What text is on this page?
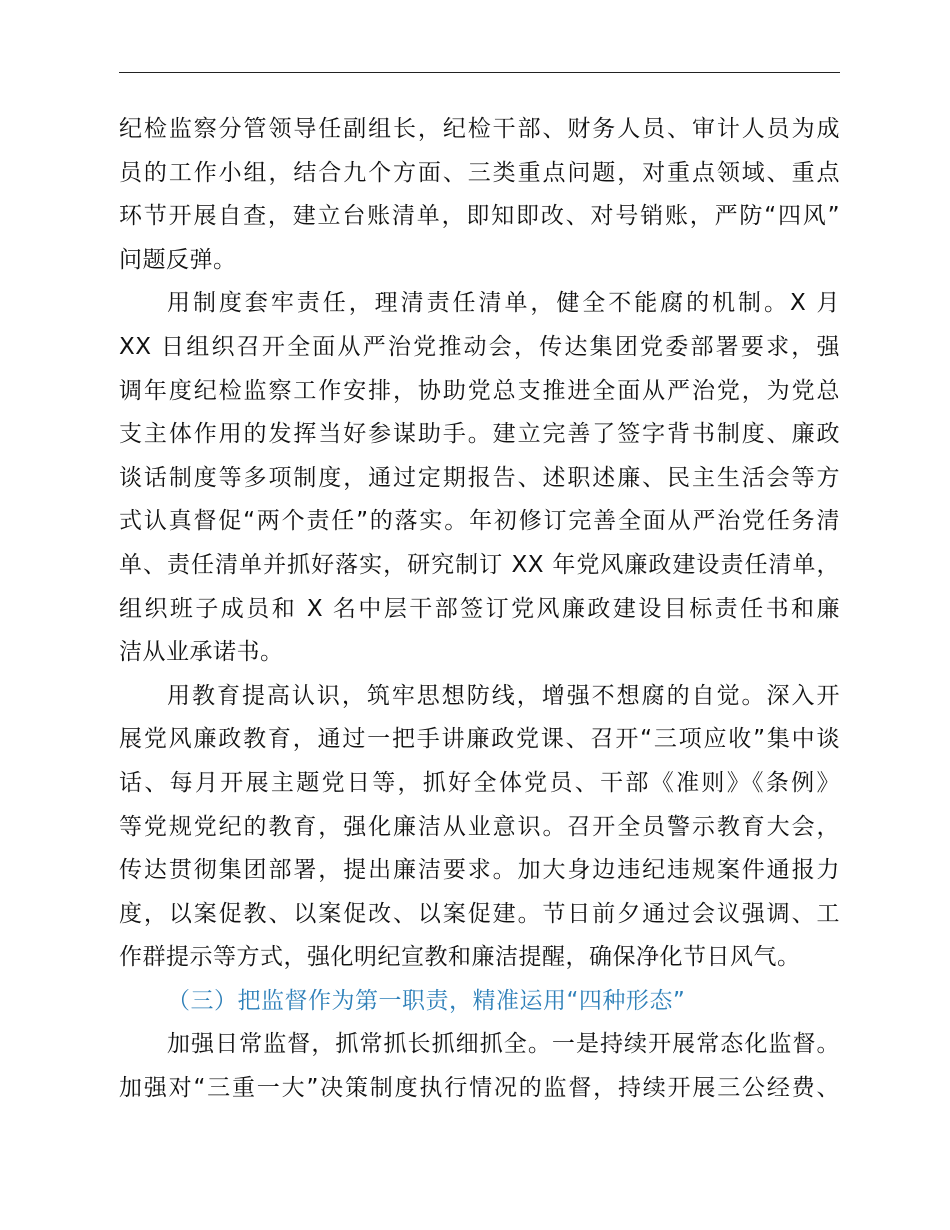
纪检监察分管领导任副组长，纪检干部、财务人员、审计人员为成
员的工作小组，结合九个方面、三类重点问题，对重点领域、重点
环节开展自查，建立台账清单，即知即改、对号销账，严防“四风”
问题反弹。
用制度套牢责任，理清责任清单，健全不能腐的机制。X 月
XX 日组织召开全面从严治党推动会，传达集团党委部署要求，强
调年度纪检监察工作安排，协助党总支推进全面从严治党，为党总
支主体作用的发挥当好参谋助手。建立完善了签字背书制度、廉政
谈话制度等多项制度，通过定期报告、述职述廉、民主生活会等方
式认真督促“两个责任”的落实。年初修订完善全面从严治党任务清
单、责任清单并抓好落实，研究制订 XX 年党风廉政建设责任清单，
组织班子成员和 X 名中层干部签订党风廉政建设目标责任书和廉
洁从业承诺书。
用教育提高认识，筑牢思想防线，增强不想腐的自觉。深入开
展党风廉政教育，通过一把手讲廉政党课、召开“三项应收”集中谈
话、每月开展主题党日等，抓好全体党员、干部《准则》《条例》
等党规党纪的教育，强化廉洁从业意识。召开全员警示教育大会，
传达贯彻集团部署，提出廉洁要求。加大身边违纪违规案件通报力
度，以案促教、以案促改、以案促建。节日前夕通过会议强调、工
作群提示等方式，强化明纪宣教和廉洁提醒，确保净化节日风气。
（三）把监督作为第一职责，精准运用“四种形态”
加强日常监督，抓常抓长抓细抓全。一是持续开展常态化监督。
加强对“三重一大”决策制度执行情况的监督，持续开展三公经费、
